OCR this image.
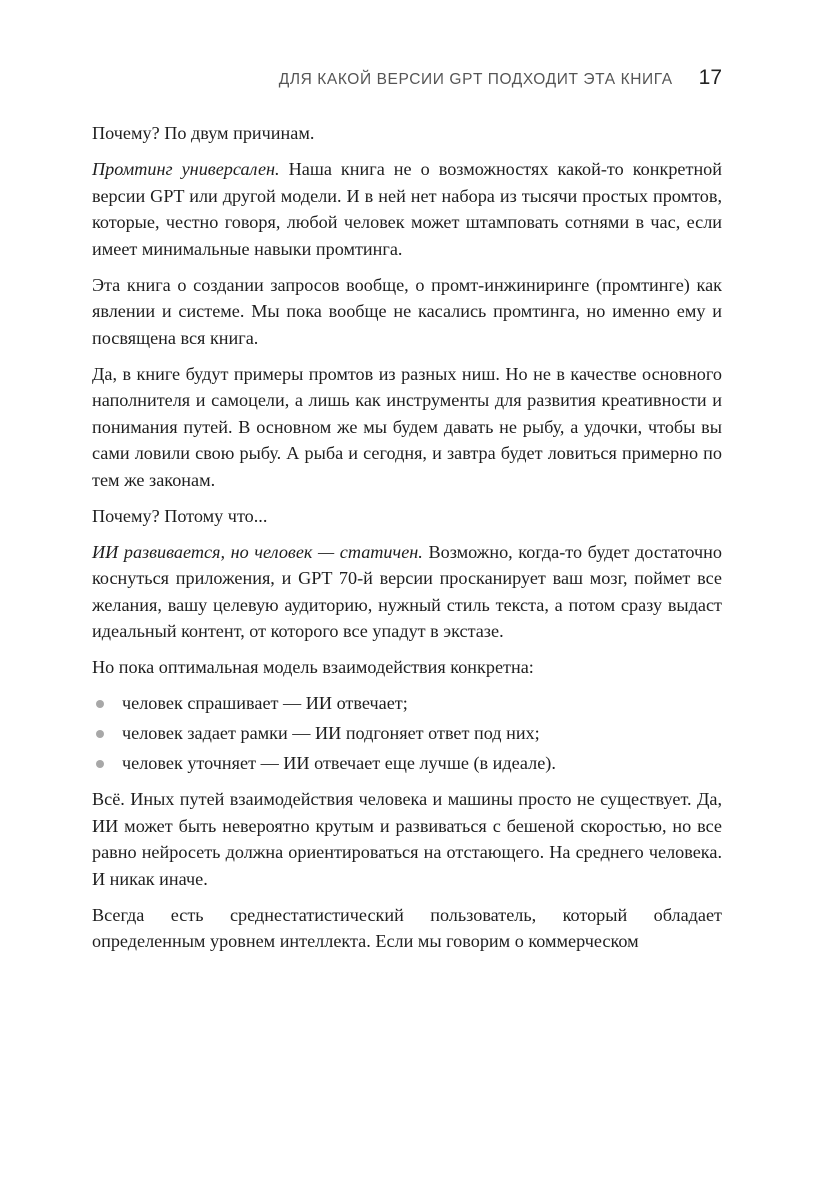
ДЛЯ КАКОЙ ВЕРСИИ GPT ПОДХОДИТ ЭТА КНИГА 17

Почему? По двум причинам.

Промтинг универсален. Наша книга не о возможностях какой-то конкретной версии GPT или другой модели. И в ней нет набора из тысячи простых промтов, которые, честно говоря, любой человек может штамповать сотнями в час, если имеет минимальные навыки промтинга.

Эта книга о создании запросов вообще, о промт-инжиниринге (промтинге) как явлении и системе. Мы пока вообще не касались промтинга, но именно ему и посвящена вся книга.

Да, в книге будут примеры промтов из разных ниш. Но не в качестве основного наполнителя и самоцели, а лишь как инструменты для развития креативности и понимания путей. В основном же мы будем давать не рыбу, а удочки, чтобы вы сами ловили свою рыбу. А рыба и сегодня, и завтра будет ловиться примерно по тем же законам.

Почему? Потому что...

ИИ развивается, но человек — статичен. Возможно, когда-то будет достаточно коснуться приложения, и GPT 70-й версии просканирует ваш мозг, поймет все желания, вашу целевую аудиторию, нужный стиль текста, а потом сразу выдаст идеальный контент, от которого все упадут в экстазе.

Но пока оптимальная модель взаимодействия конкретна:

человек спрашивает — ИИ отвечает;
человек задает рамки — ИИ подгоняет ответ под них;
человек уточняет — ИИ отвечает еще лучше (в идеале).

Всё. Иных путей взаимодействия человека и машины просто не существует. Да, ИИ может быть невероятно крутым и развиваться с бешеной скоростью, но все равно нейросеть должна ориентироваться на отстающего. На среднего человека. И никак иначе.

Всегда есть среднестатистический пользователь, который обладает определенным уровнем интеллекта. Если мы говорим о коммерческом
